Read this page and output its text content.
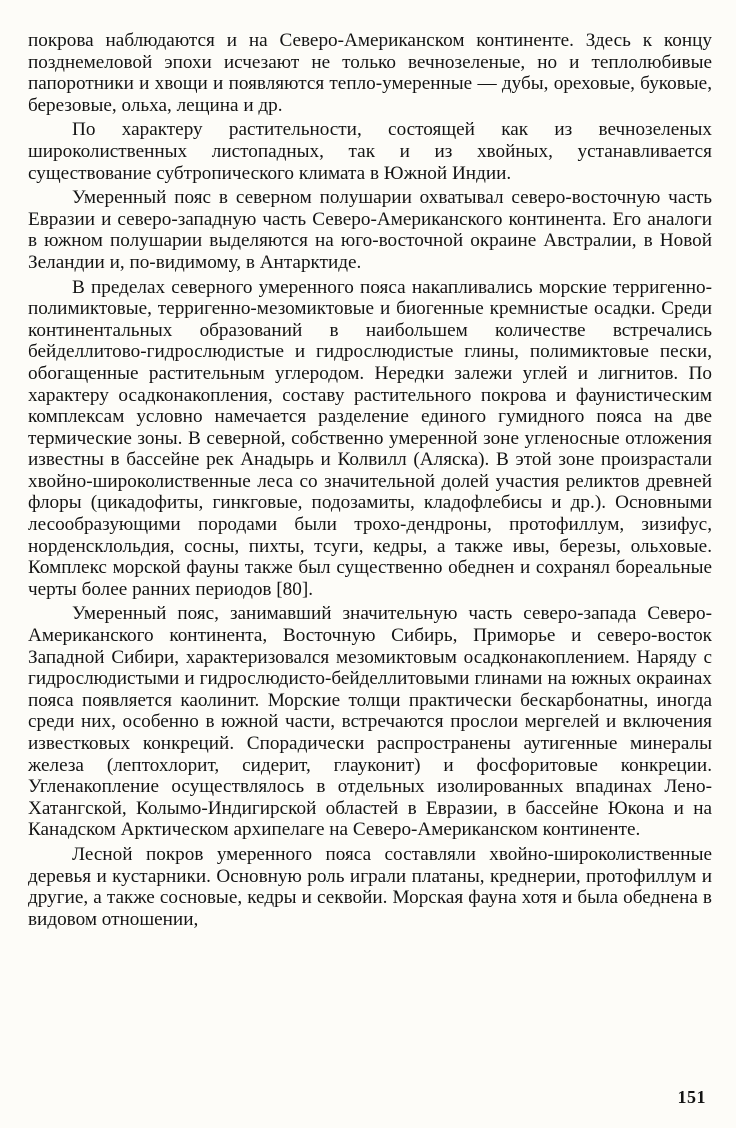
покрова наблюдаются и на Северо-Американском континенте. Здесь к концу позднемеловой эпохи исчезают не только вечнозеленые, но и теплолюбивые папоротники и хвощи и появляются тепло-умеренные — дубы, ореховые, буковые, березовые, ольха, лещина и др.

По характеру растительности, состоящей как из вечнозеленых широколиственных листопадных, так и из хвойных, устанавливается существование субтропического климата в Южной Индии.

Умеренный пояс в северном полушарии охватывал северо-восточную часть Евразии и северо-западную часть Северо-Американского континента. Его аналоги в южном полушарии выделяются на юго-восточной окраине Австралии, в Новой Зеландии и, по-видимому, в Антарктиде.

В пределах северного умеренного пояса накапливались морские терригенно-полимиктовые, терригенно-мезомиктовые и биогенные кремнистые осадки. Среди континентальных образований в наибольшем количестве встречались бейделлитово-гидрослюдистые и гидрослюдистые глины, полимиктовые пески, обогащенные растительным углеродом. Нередки залежи углей и лигнитов. По характеру осадконакопления, составу растительного покрова и фаунистическим комплексам условно намечается разделение единого гумидного пояса на две термические зоны. В северной, собственно умеренной зоне угленосные отложения известны в бассейне рек Анадырь и Колвилл (Аляска). В этой зоне произрастали хвойно-широколиственные леса со значительной долей участия реликтов древней флоры (цикадофиты, гинкговые, подозамиты, кладофлебисы и др.). Основными лесообразующими породами были трохо-дендроны, протофиллум, зизифус, норденсклольдия, сосны, пихты, тсуги, кедры, а также ивы, березы, ольховые. Комплекс морской фауны также был существенно обеднен и сохранял бореальные черты более ранних периодов [80].

Умеренный пояс, занимавший значительную часть северо-запада Северо-Американского континента, Восточную Сибирь, Приморье и северо-восток Западной Сибири, характеризовался мезомиктовым осадконакоплением. Наряду с гидрослюдистыми и гидрослюдисто-бейделлитовыми глинами на южных окраинах пояса появляется каолинит. Морские толщи практически бескарбонатны, иногда среди них, особенно в южной части, встречаются прослои мергелей и включения известковых конкреций. Спорадически распространены аутигенные минералы железа (лептохлорит, сидерит, глауконит) и фосфоритовые конкреции. Угленакопление осуществлялось в отдельных изолированных впадинах Лено-Хатангской, Колымо-Индигирской областей в Евразии, в бассейне Юкона и на Канадском Арктическом архипелаге на Северо-Американском континенте.

Лесной покров умеренного пояса составляли хвойно-широколиственные деревья и кустарники. Основную роль играли платаны, креднерии, протофиллум и другие, а также сосновые, кедры и секвойи. Морская фауна хотя и была обеднена в видовом отношении,

151
